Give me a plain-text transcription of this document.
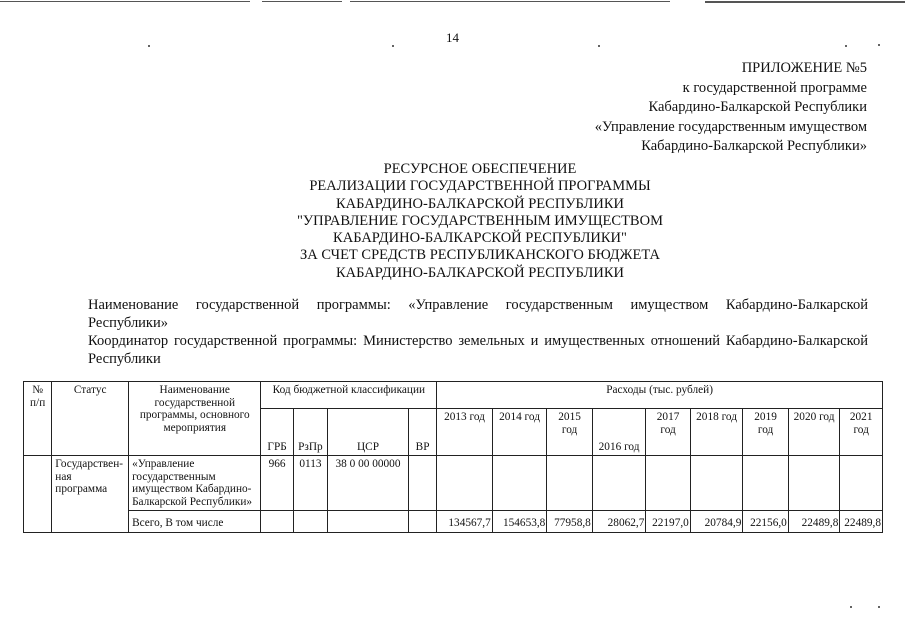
14
ПРИЛОЖЕНИЕ №5
к государственной программе
Кабардино-Балкарской Республики
«Управление государственным имуществом
Кабардино-Балкарской Республики»
РЕСУРСНОЕ ОБЕСПЕЧЕНИЕ
РЕАЛИЗАЦИИ ГОСУДАРСТВЕННОЙ ПРОГРАММЫ
КАБАРДИНО-БАЛКАРСКОЙ РЕСПУБЛИКИ
"УПРАВЛЕНИЕ ГОСУДАРСТВЕННЫМ ИМУЩЕСТВОМ
КАБАРДИНО-БАЛКАРСКОЙ РЕСПУБЛИКИ"
ЗА СЧЕТ СРЕДСТВ РЕСПУБЛИКАНСКОГО БЮДЖЕТА
КАБАРДИНО-БАЛКАРСКОЙ РЕСПУБЛИКИ
Наименование государственной программы: «Управление государственным имуществом Кабардино-Балкарской Республики»
Координатор государственной программы: Министерство земельных и имущественных отношений Кабардино-Балкарской Республики
№ п/п	Статус	Наименование государственной программы, основного мероприятия	Код бюджетной классификации				Расходы (тыс. рублей)								
			ГРБ	РзПр	ЦСР	ВР	2013 год	2014 год	2015 год	2016 год	2017 год	2018 год	2019 год	2020 год	2021 год
	Государствен-ная программа	«Управление государственным имуществом Кабардино-Балкарской Республики»	966	0113	38 0 00 00000										
		Всего, В том числе					134567,7	154653,8	77958,8	28062,7	22197,0	20784,9	22156,0	22489,8	22489,8
